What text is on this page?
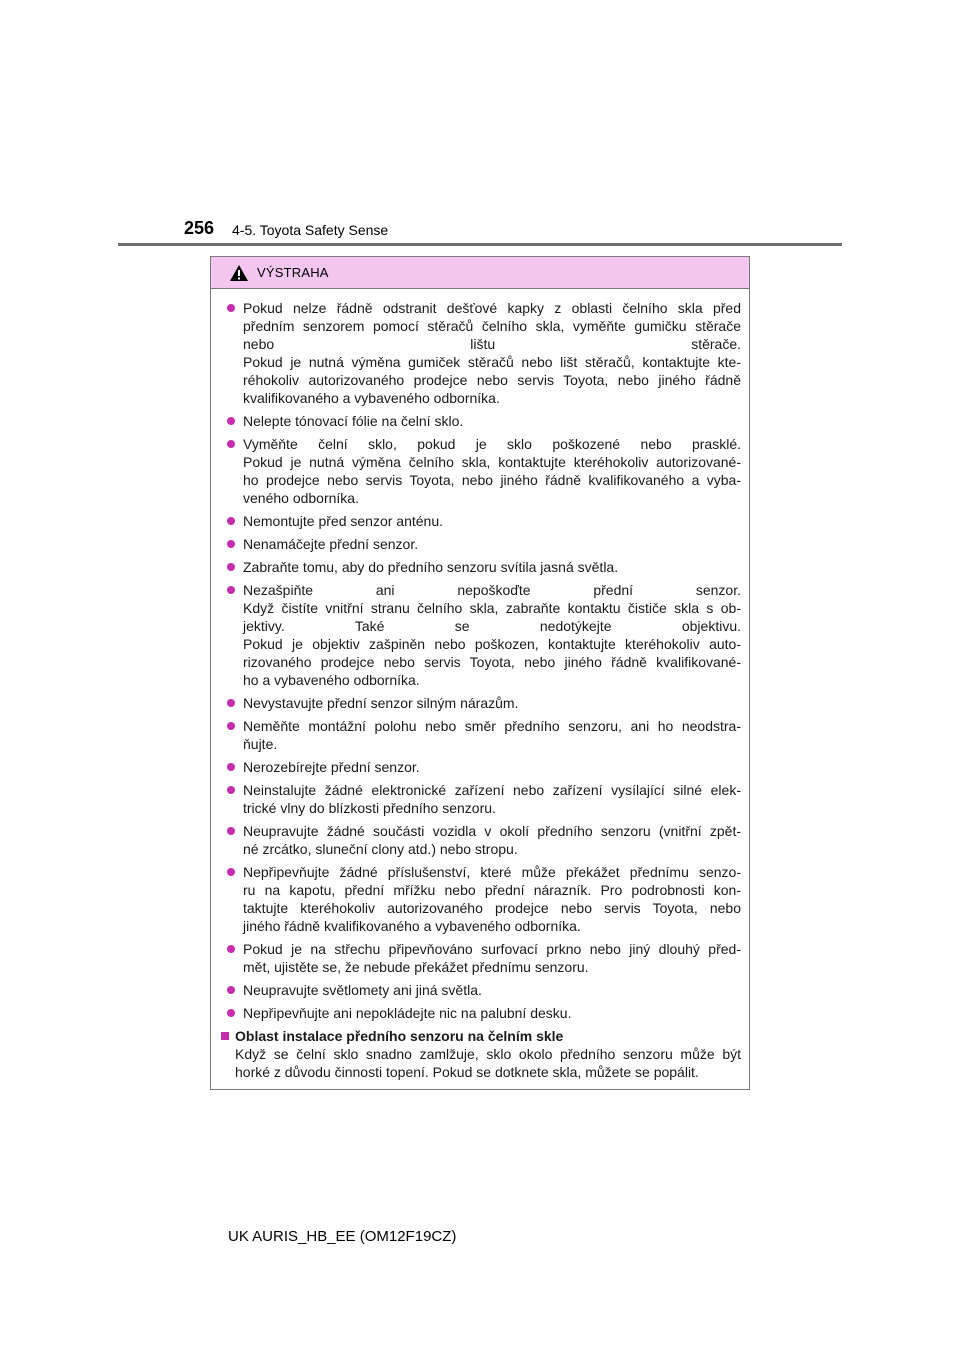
256 4-5. Toyota Safety Sense
VÝSTRAHA
Pokud nelze řádně odstranit dešťové kapky z oblasti čelního skla před
předním senzorem pomocí stěračů čelního skla, vyměňte gumičku stěrače
nebo lištu stěrače.
Pokud je nutná výměna gumiček stěračů nebo lišt stěračů, kontaktujte kte-
réhokoliv autorizovaného prodejce nebo servis Toyota, nebo jiného řádně
kvalifikovaného a vybaveného odborníka.
Nelepte tónovací fólie na čelní sklo.
Vyměňte čelní sklo, pokud je sklo poškozené nebo prasklé.
Pokud je nutná výměna čelního skla, kontaktujte kteréhokoliv autorizované-
ho prodejce nebo servis Toyota, nebo jiného řádně kvalifikovaného a vyba-
veného odborníka.
Nemontujte před senzor anténu.
Nenamáčejte přední senzor.
Zabraňte tomu, aby do předního senzoru svítila jasná světla.
Nezašpiňte ani nepoškoďte přední senzor.
Když čistíte vnitřní stranu čelního skla, zabraňte kontaktu čističe skla s ob-
jektivy. Také se nedotýkejte objektivu.
Pokud je objektiv zašpiněn nebo poškozen, kontaktujte kteréhokoliv auto-
rizovaného prodejce nebo servis Toyota, nebo jiného řádně kvalifikované-
ho a vybaveného odborníka.
Nevystavujte přední senzor silným nárazům.
Neměňte montážní polohu nebo směr předního senzoru, ani ho neodstra-
ňujte.
Nerozebírejte přední senzor.
Neinstalujte žádné elektronické zařízení nebo zařízení vysílající silné elek-
trické vlny do blízkosti předního senzoru.
Neupravujte žádné součásti vozidla v okolí předního senzoru (vnitřní zpět-
né zrcátko, sluneční clony atd.) nebo stropu.
Nepřipevňujte žádné příslušenství, které může překážet přednímu senzo-
ru na kapotu, přední mřížku nebo přední nárazník. Pro podrobnosti kon-
taktujte kteréhokoliv autorizovaného prodejce nebo servis Toyota, nebo
jiného řádně kvalifikovaného a vybaveného odborníka.
Pokud je na střechu připevňováno surfovací prkno nebo jiný dlouhý před-
mět, ujistěte se, že nebude překážet přednímu senzoru.
Neupravujte světlomety ani jiná světla.
Nepřipevňujte ani nepokládejte nic na palubní desku.
Oblast instalace předního senzoru na čelním skle
Když se čelní sklo snadno zamlžuje, sklo okolo předního senzoru může být
horké z důvodu činnosti topení. Pokud se dotknete skla, můžete se popálit.
UK AURIS_HB_EE (OM12F19CZ)
